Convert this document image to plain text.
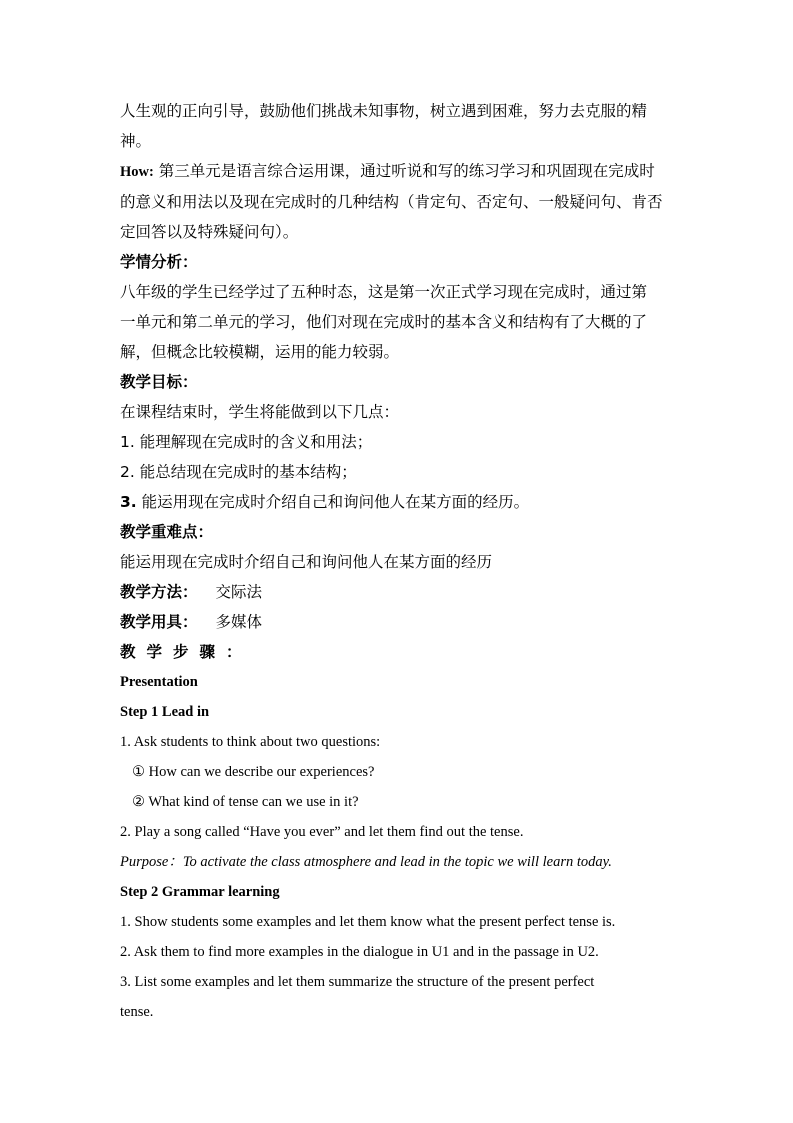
人生观的正向引导，鼓励他们挑战未知事物，树立遇到困难，努力去克服的精

神。

How: 第三单元是语言综合运用课，通过听说和写的练习学习和巩固现在完成时

的意义和用法以及现在完成时的几种结构（肯定句、否定句、一般疑问句、肯否

定回答以及特殊疑问句）。

学情分析：

八年级的学生已经学过了五种时态，这是第一次正式学习现在完成时，通过第

一单元和第二单元的学习，他们对现在完成时的基本含义和结构有了大概的了

解，但概念比较模糊，运用的能力较弱。

教学目标：

在课程结束时，学生将能做到以下几点：

1. 能理解现在完成时的含义和用法；

2. 能总结现在完成时的基本结构；

3. 能运用现在完成时介绍自己和询问他人在某方面的经历。

教学重难点：

能运用现在完成时介绍自己和询问他人在某方面的经历

教学方法： 交际法

教学用具： 多媒体

教学步骤：

Presentation

Step 1 Lead in

1. Ask students to think about two questions:

① How can we describe our experiences?

② What kind of tense can we use in it?

2. Play a song called “Have you ever” and let them find out the tense.

Purpose：To activate the class atmosphere and lead in the topic we will learn today.

Step 2 Grammar learning

1. Show students some examples and let them know what the present perfect tense is.

2. Ask them to find more examples in the dialogue in U1 and in the passage in U2.

3. List some examples and let them summarize the structure of the present perfect

tense.
